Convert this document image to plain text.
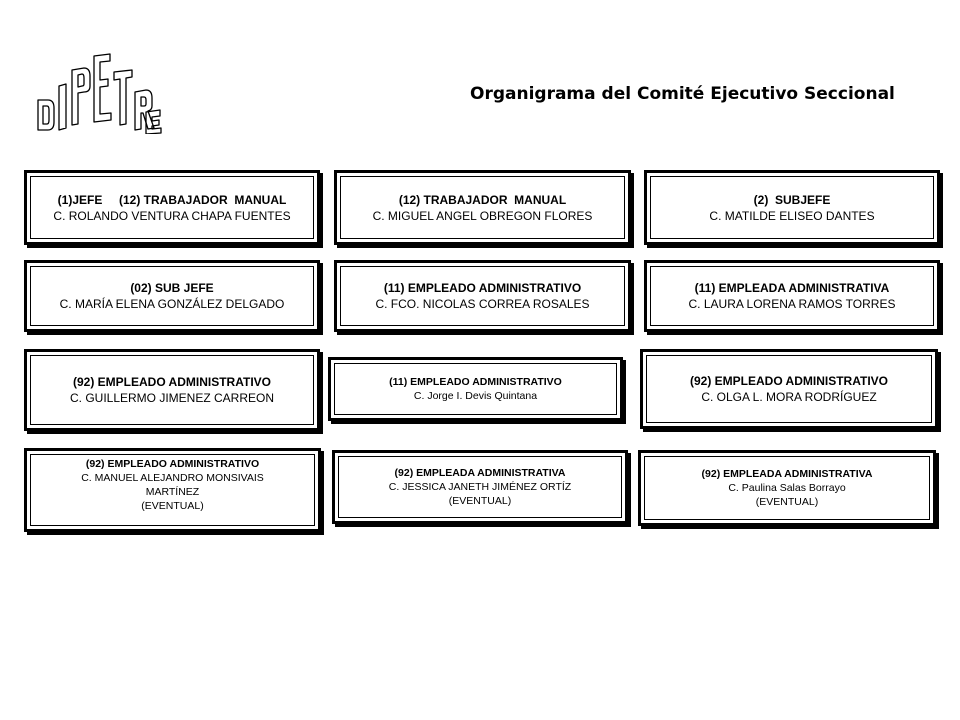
Organigrama del Comité Ejecutivo Seccional
(1)JEFE     (12) TRABAJADOR  MANUAL
C. ROLANDO VENTURA CHAPA FUENTES
(12) TRABAJADOR  MANUAL
C. MIGUEL ANGEL OBREGON FLORES
(2)  SUBJEFE
C. MATILDE ELISEO DANTES
(02) SUB JEFE
C. MARÍA ELENA GONZÁLEZ DELGADO
(11) EMPLEADO ADMINISTRATIVO
C. FCO. NICOLAS CORREA ROSALES
(11) EMPLEADA ADMINISTRATIVA
C. LAURA LORENA RAMOS TORRES
(92) EMPLEADO ADMINISTRATIVO
C. GUILLERMO JIMENEZ CARREON
(11) EMPLEADO ADMINISTRATIVO
C. Jorge I. Devis Quintana
(92) EMPLEADO ADMINISTRATIVO
C. OLGA L. MORA RODRÍGUEZ
(92) EMPLEADO ADMINISTRATIVO
C. MANUEL ALEJANDRO MONSIVAIS
MARTÍNEZ
(EVENTUAL)
(92) EMPLEADA ADMINISTRATIVA
C. JESSICA JANETH JIMÉNEZ ORTÍZ
(EVENTUAL)
(92) EMPLEADA ADMINISTRATIVA
C. Paulina Salas Borrayo
(EVENTUAL)
